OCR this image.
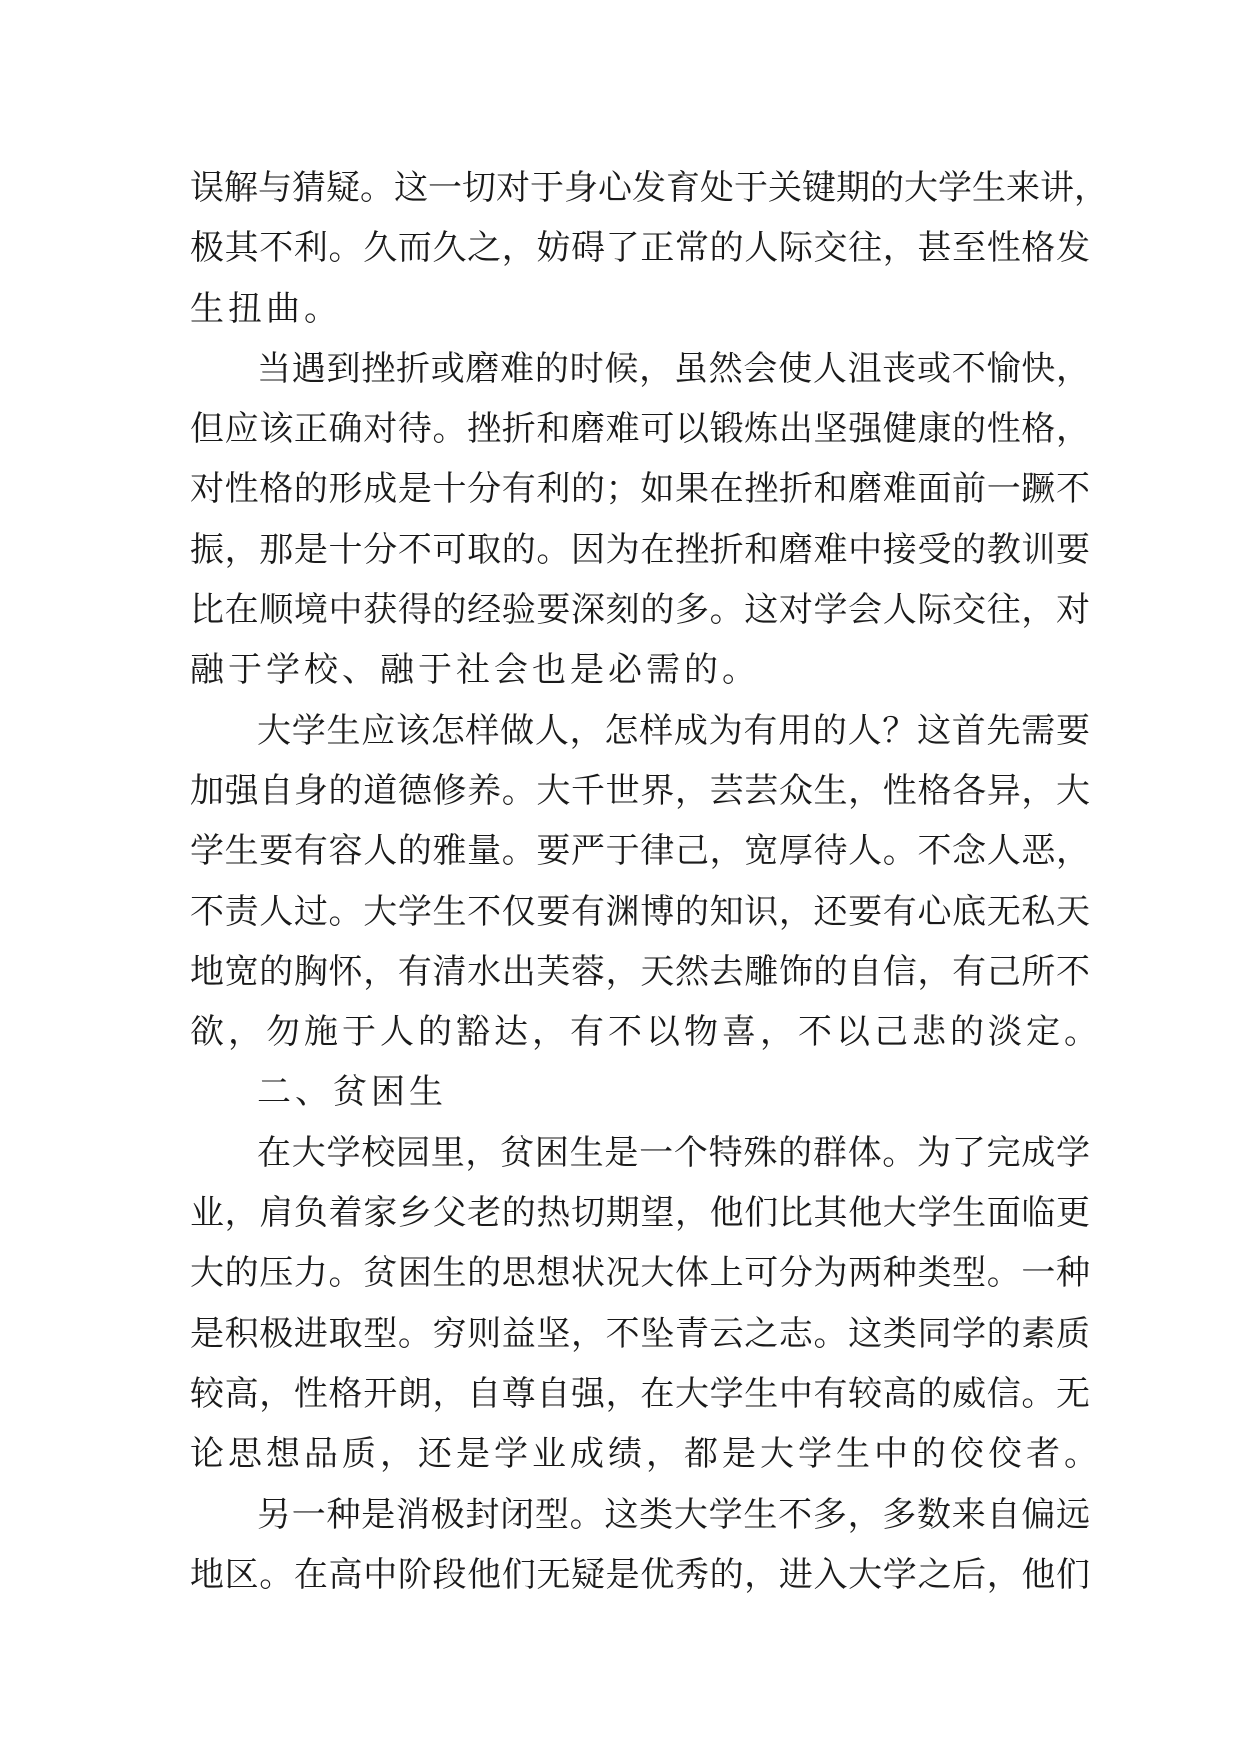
误解与猜疑。这一切对于身心发育处于关键期的大学生来讲，
极其不利。久而久之，妨碍了正常的人际交往，甚至性格发
生扭曲。
当遇到挫折或磨难的时候，虽然会使人沮丧或不愉快，
但应该正确对待。挫折和磨难可以锻炼出坚强健康的性格，
对性格的形成是十分有利的；如果在挫折和磨难面前一蹶不
振，那是十分不可取的。因为在挫折和磨难中接受的教训要
比在顺境中获得的经验要深刻的多。这对学会人际交往，对
融于学校、融于社会也是必需的。
大学生应该怎样做人，怎样成为有用的人？这首先需要
加强自身的道德修养。大千世界，芸芸众生，性格各异，大
学生要有容人的雅量。要严于律己，宽厚待人。不念人恶，
不责人过。大学生不仅要有渊博的知识，还要有心底无私天
地宽的胸怀，有清水出芙蓉，天然去雕饰的自信，有己所不
欲，勿施于人的豁达，有不以物喜，不以己悲的淡定。
二、贫困生
在大学校园里，贫困生是一个特殊的群体。为了完成学
业，肩负着家乡父老的热切期望，他们比其他大学生面临更
大的压力。贫困生的思想状况大体上可分为两种类型。一种
是积极进取型。穷则益坚，不坠青云之志。这类同学的素质
较高，性格开朗，自尊自强，在大学生中有较高的威信。无
论思想品质，还是学业成绩，都是大学生中的佼佼者。
另一种是消极封闭型。这类大学生不多，多数来自偏远
地区。在高中阶段他们无疑是优秀的，进入大学之后，他们
